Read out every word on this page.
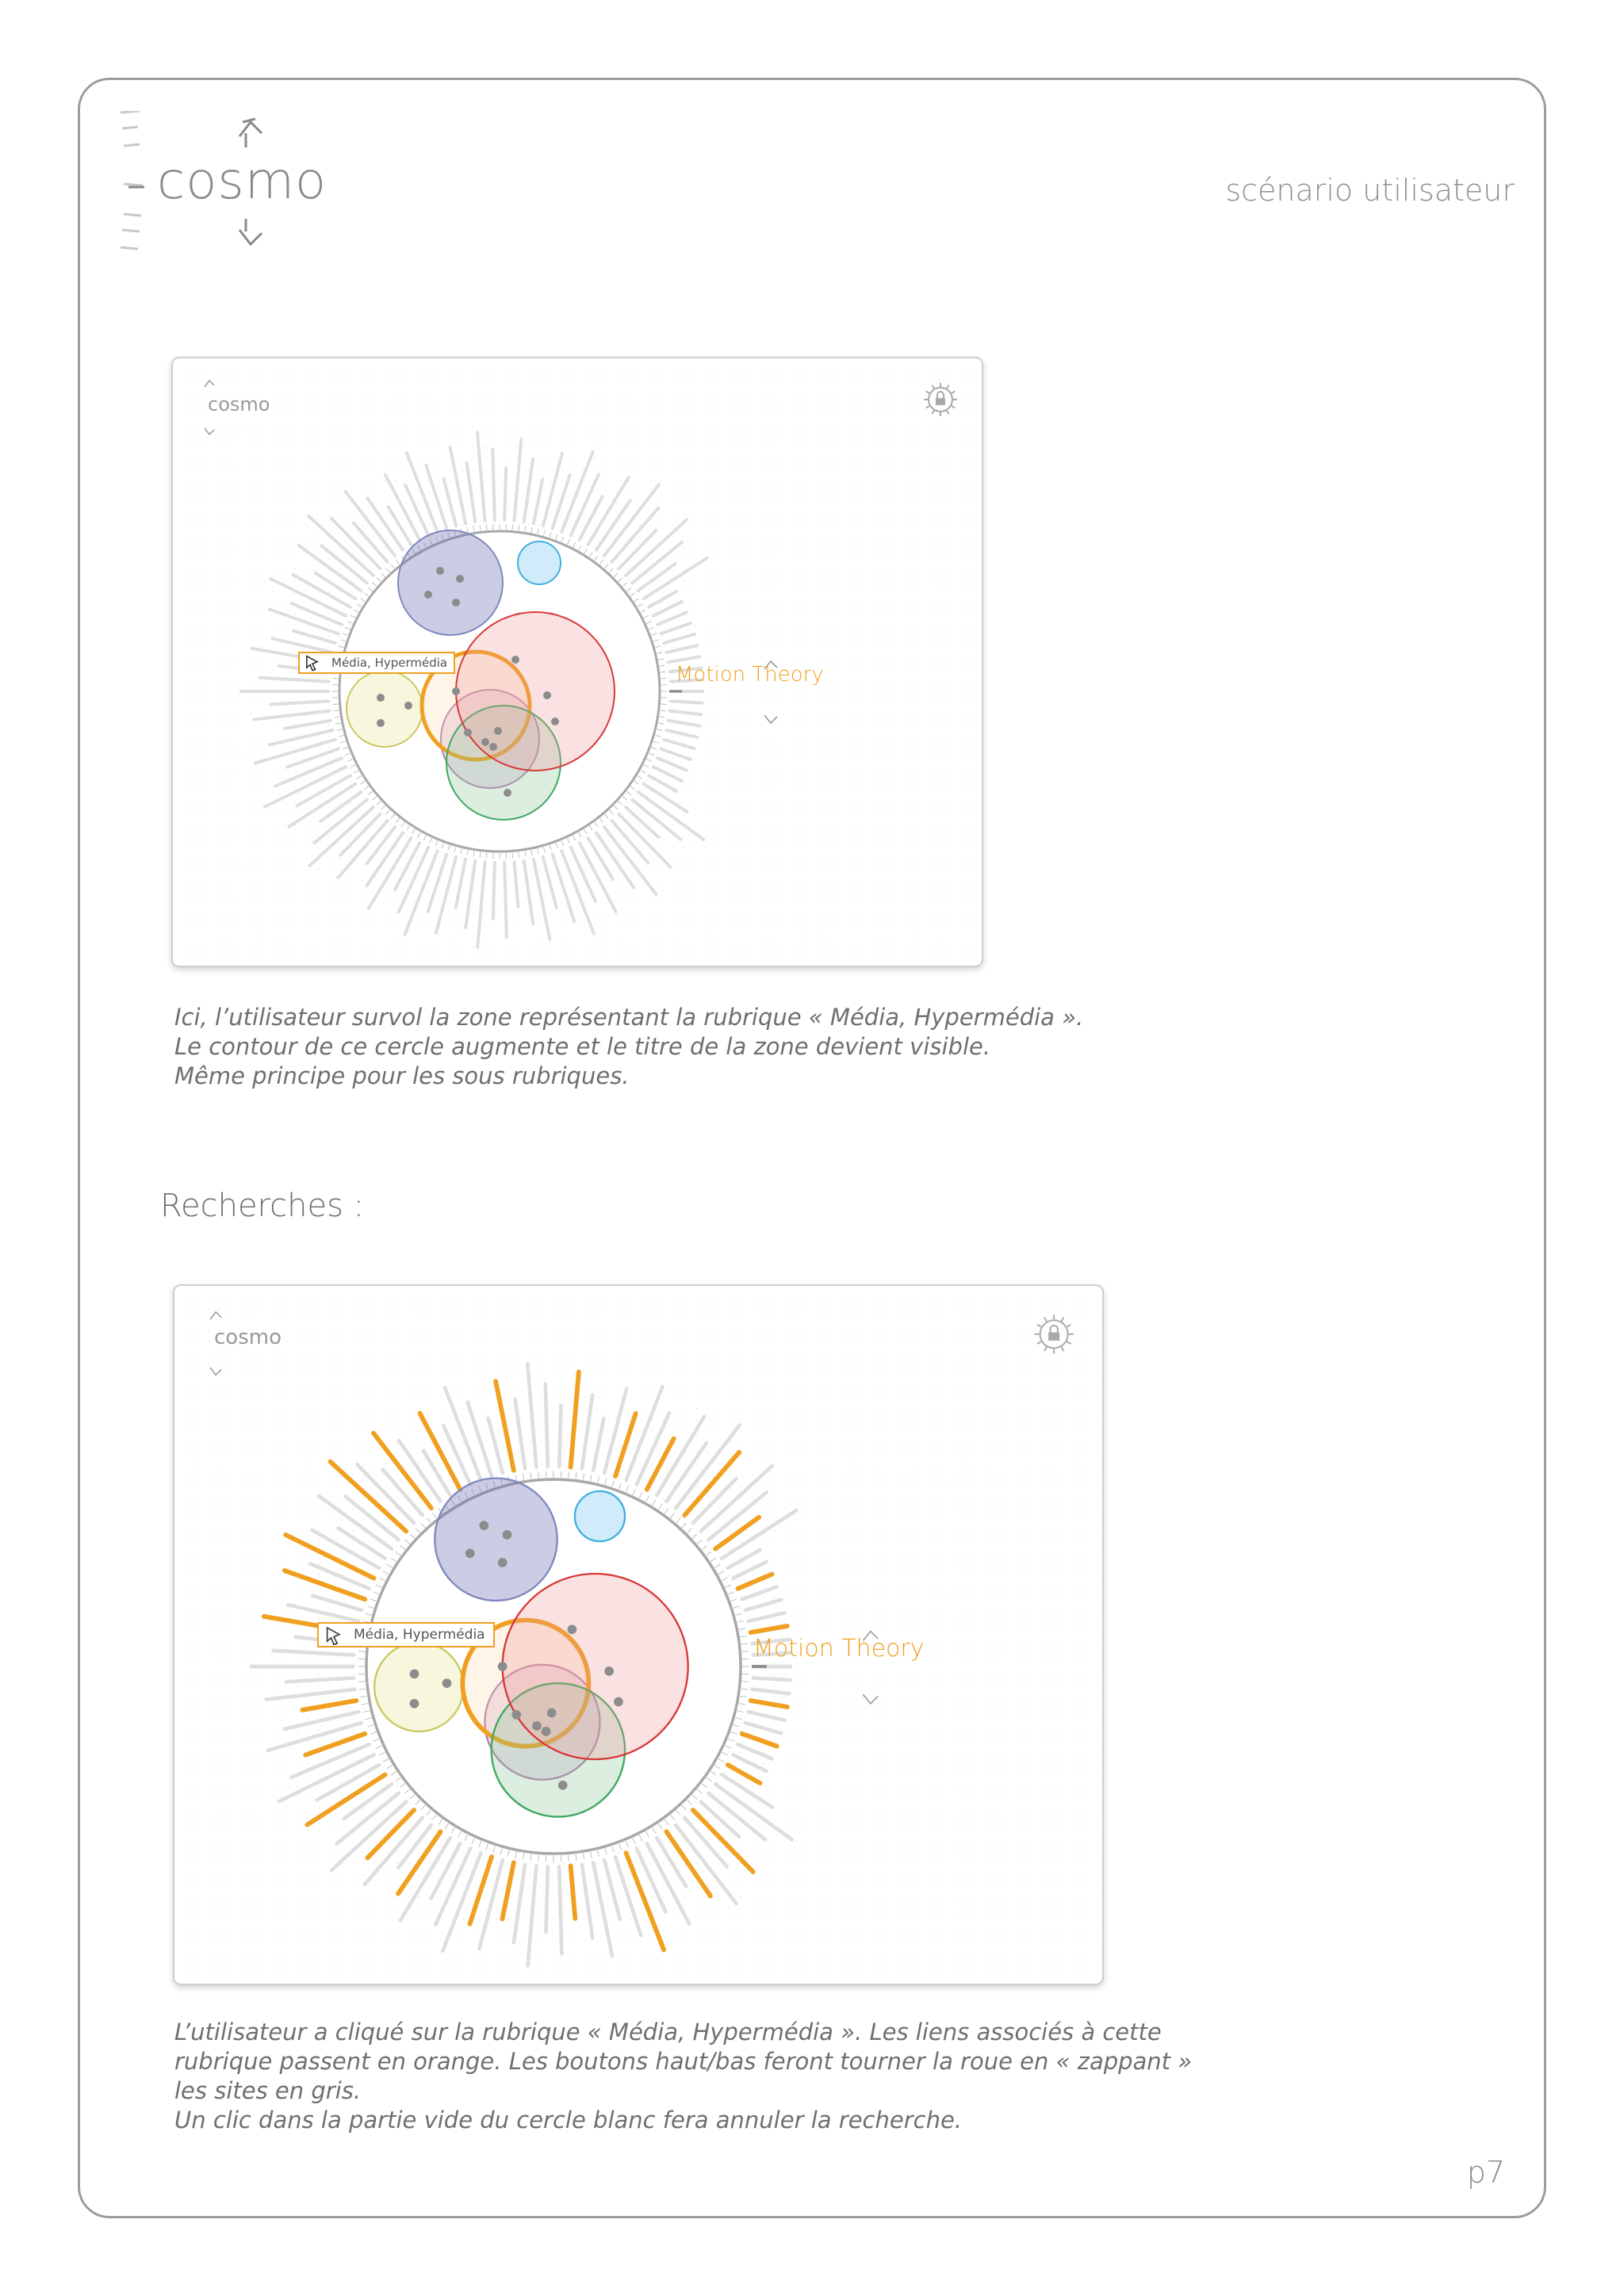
cosmo	scénario utilisateur
cosmo
Média, Hypermédia	Motion Theory
Ici, l’utilisateur survol la zone représentant la rubrique « Média, Hypermédia ».
Le contour de ce cercle augmente et le titre de la zone devient visible.
Même principe pour les sous rubriques.
Recherches :
cosmo
Média, Hypermédia	Motion Theory
L’utilisateur a cliqué sur la rubrique « Média, Hypermédia ». Les liens associés à cette
rubrique passent en orange. Les boutons haut/bas feront tourner la roue en « zappant »
les sites en gris.
Un clic dans la partie vide du cercle blanc fera annuler la recherche.
p7
